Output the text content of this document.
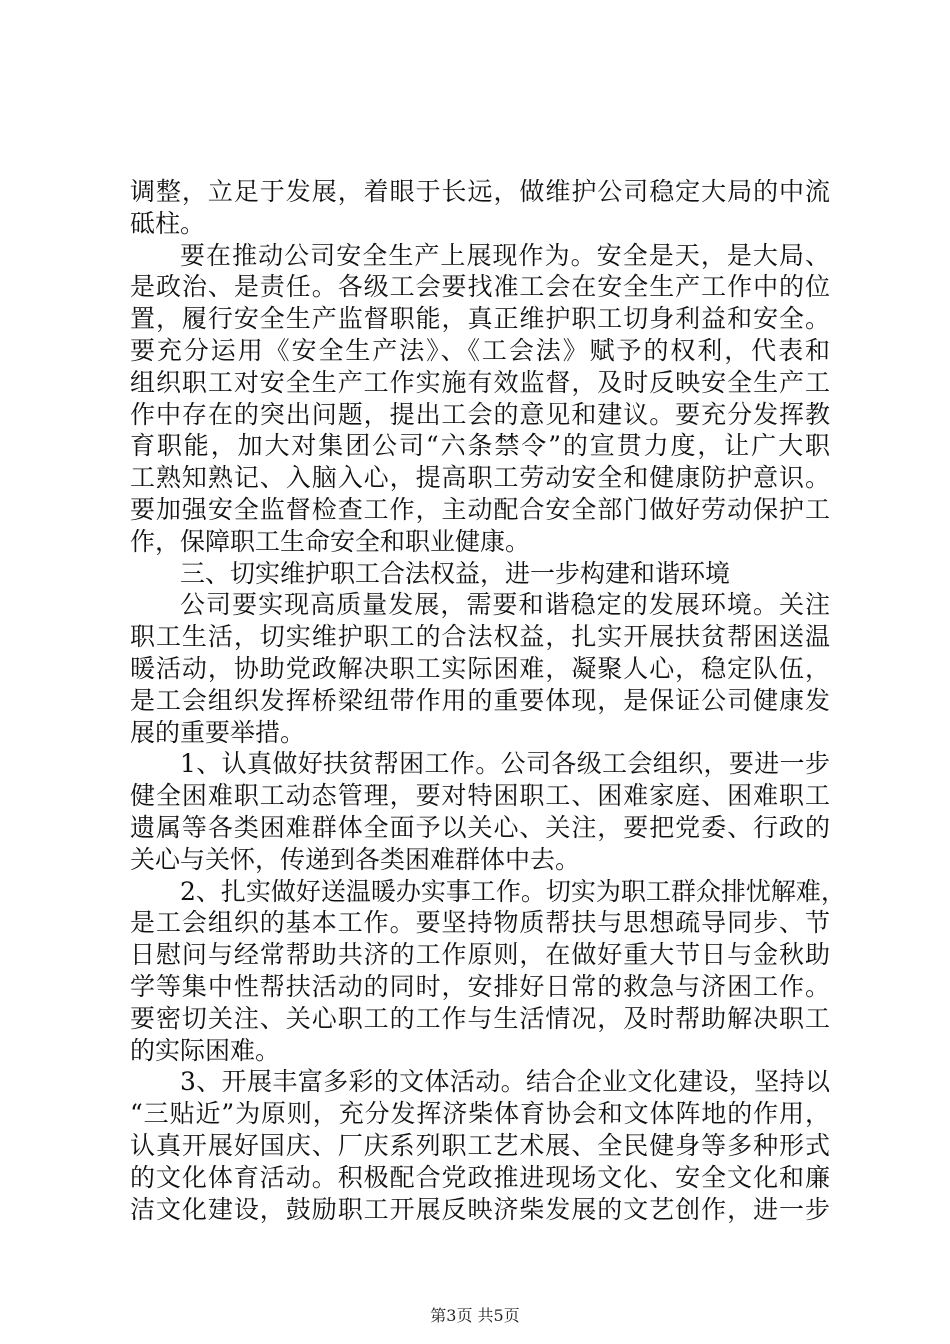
调整，立足于发展，着眼于长远，做维护公司稳定大局的中流
砥柱。
要在推动公司安全生产上展现作为。安全是天，是大局、
是政治、是责任。各级工会要找准工会在安全生产工作中的位
置，履行安全生产监督职能，真正维护职工切身利益和安全。
要充分运用《安全生产法》、《工会法》赋予的权利，代表和
组织职工对安全生产工作实施有效监督，及时反映安全生产工
作中存在的突出问题，提出工会的意见和建议。要充分发挥教
育职能，加大对集团公司“六条禁令”的宣贯力度，让广大职
工熟知熟记、入脑入心，提高职工劳动安全和健康防护意识。
要加强安全监督检查工作，主动配合安全部门做好劳动保护工
作，保障职工生命安全和职业健康。
三、切实维护职工合法权益，进一步构建和谐环境
公司要实现高质量发展，需要和谐稳定的发展环境。关注
职工生活，切实维护职工的合法权益，扎实开展扶贫帮困送温
暖活动，协助党政解决职工实际困难，凝聚人心，稳定队伍，
是工会组织发挥桥梁纽带作用的重要体现，是保证公司健康发
展的重要举措。
1、认真做好扶贫帮困工作。公司各级工会组织，要进一步
健全困难职工动态管理，要对特困职工、困难家庭、困难职工
遗属等各类困难群体全面予以关心、关注，要把党委、行政的
关心与关怀，传递到各类困难群体中去。
2、扎实做好送温暖办实事工作。切实为职工群众排忧解难，
是工会组织的基本工作。要坚持物质帮扶与思想疏导同步、节
日慰问与经常帮助共济的工作原则，在做好重大节日与金秋助
学等集中性帮扶活动的同时，安排好日常的救急与济困工作。
要密切关注、关心职工的工作与生活情况，及时帮助解决职工
的实际困难。
3、开展丰富多彩的文体活动。结合企业文化建设，坚持以
“三贴近”为原则，充分发挥济柴体育协会和文体阵地的作用，
认真开展好国庆、厂庆系列职工艺术展、全民健身等多种形式
的文化体育活动。积极配合党政推进现场文化、安全文化和廉
洁文化建设，鼓励职工开展反映济柴发展的文艺创作，进一步
第3页 共5页
